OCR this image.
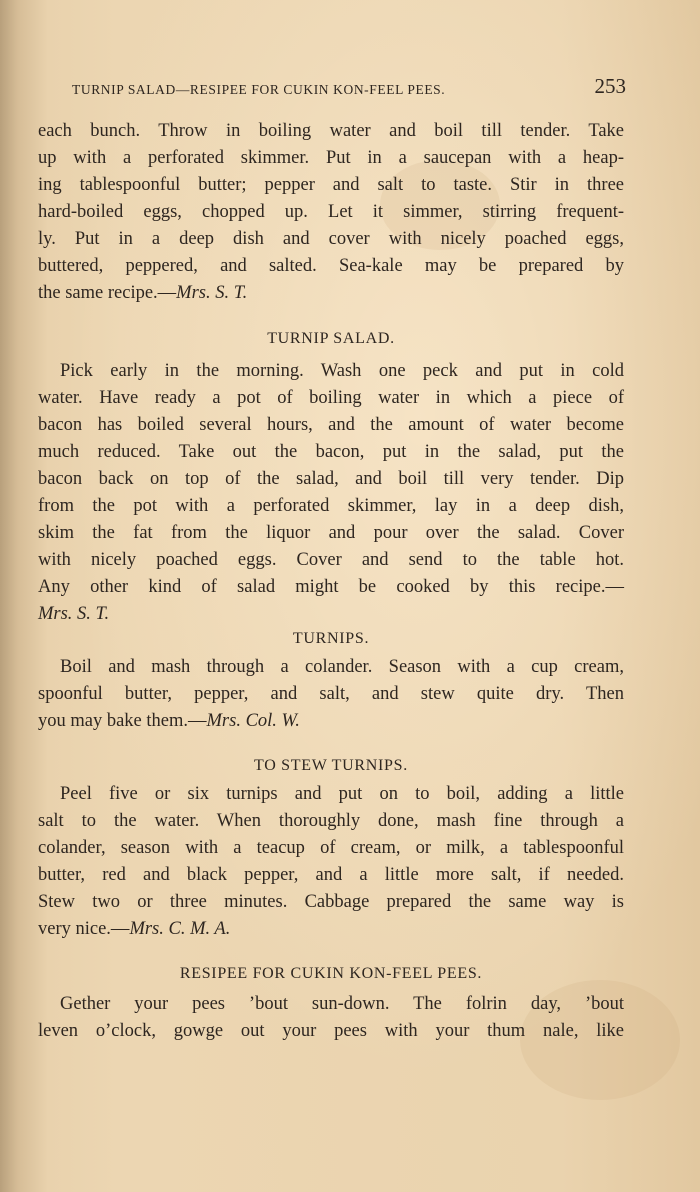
TURNIP SALAD—RESIPEE FOR CUKIN KON-FEEL PEES.	253
each bunch. Throw in boiling water and boil till tender. Take
up with a perforated skimmer. Put in a saucepan with a heap-
ing tablespoonful butter; pepper and salt to taste. Stir in three
hard-boiled eggs, chopped up. Let it simmer, stirring frequent-
ly. Put in a deep dish and cover with nicely poached eggs,
buttered, peppered, and salted. Sea-kale may be prepared by
the same recipe.—Mrs. S. T.
TURNIP SALAD.
Pick early in the morning. Wash one peck and put in cold
water. Have ready a pot of boiling water in which a piece of
bacon has boiled several hours, and the amount of water become
much reduced. Take out the bacon, put in the salad, put the
bacon back on top of the salad, and boil till very tender. Dip
from the pot with a perforated skimmer, lay in a deep dish,
skim the fat from the liquor and pour over the salad. Cover
with nicely poached eggs. Cover and send to the table hot.
Any other kind of salad might be cooked by this recipe.—
Mrs. S. T.
TURNIPS.
Boil and mash through a colander. Season with a cup cream,
spoonful butter, pepper, and salt, and stew quite dry. Then
you may bake them.—Mrs. Col. W.
TO STEW TURNIPS.
Peel five or six turnips and put on to boil, adding a little
salt to the water. When thoroughly done, mash fine through a
colander, season with a teacup of cream, or milk, a tablespoonful
butter, red and black pepper, and a little more salt, if needed.
Stew two or three minutes. Cabbage prepared the same way is
very nice.—Mrs. C. M. A.
RESIPEE FOR CUKIN KON-FEEL PEES.
Gether your pees ’bout sun-down. The folrin day, ’bout
leven o’clock, gowge out your pees with your thum nale, like
